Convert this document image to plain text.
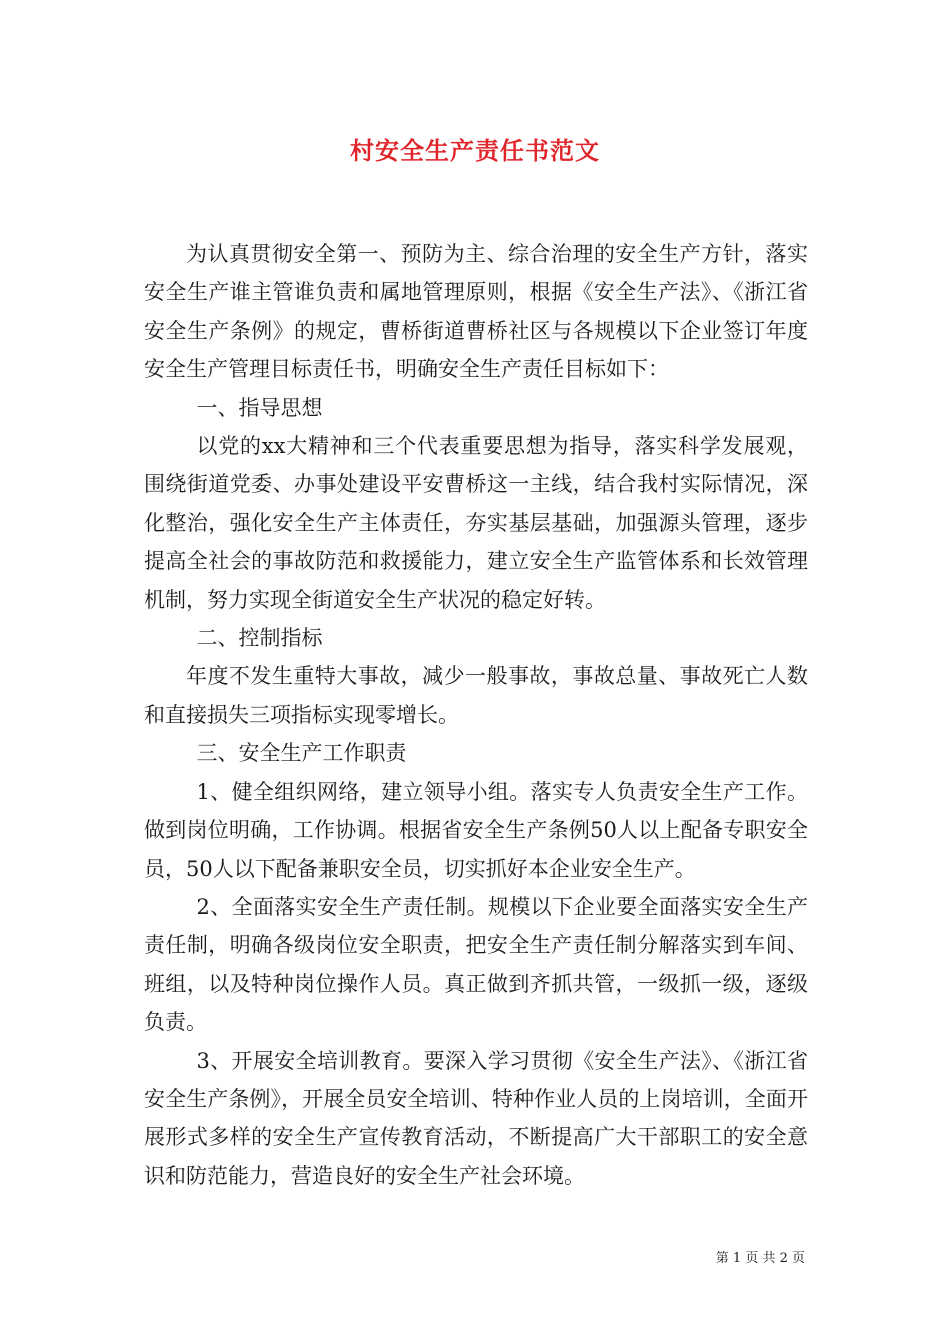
村安全生产责任书范文

为认真贯彻安全第一、预防为主、综合治理的安全生产方针，落实安全生产谁主管谁负责和属地管理原则，根据《安全生产法》、《浙江省安全生产条例》的规定，曹桥街道曹桥社区与各规模以下企业签订年度安全生产管理目标责任书，明确安全生产责任目标如下：

一、指导思想

以党的xx大精神和三个代表重要思想为指导，落实科学发展观，围绕街道党委、办事处建设平安曹桥这一主线，结合我村实际情况，深化整治，强化安全生产主体责任，夯实基层基础，加强源头管理，逐步提高全社会的事故防范和救援能力，建立安全生产监管体系和长效管理机制，努力实现全街道安全生产状况的稳定好转。

二、控制指标

年度不发生重特大事故，减少一般事故，事故总量、事故死亡人数和直接损失三项指标实现零增长。

三、安全生产工作职责

1、健全组织网络，建立领导小组。落实专人负责安全生产工作。做到岗位明确，工作协调。根据省安全生产条例50人以上配备专职安全员，50人以下配备兼职安全员，切实抓好本企业安全生产。

2、全面落实安全生产责任制。规模以下企业要全面落实安全生产责任制，明确各级岗位安全职责，把安全生产责任制分解落实到车间、班组，以及特种岗位操作人员。真正做到齐抓共管，一级抓一级，逐级负责。

3、开展安全培训教育。要深入学习贯彻《安全生产法》、《浙江省安全生产条例》，开展全员安全培训、特种作业人员的上岗培训，全面开展形式多样的安全生产宣传教育活动，不断提高广大干部职工的安全意识和防范能力，营造良好的安全生产社会环境。

第 1 页 共 2 页
